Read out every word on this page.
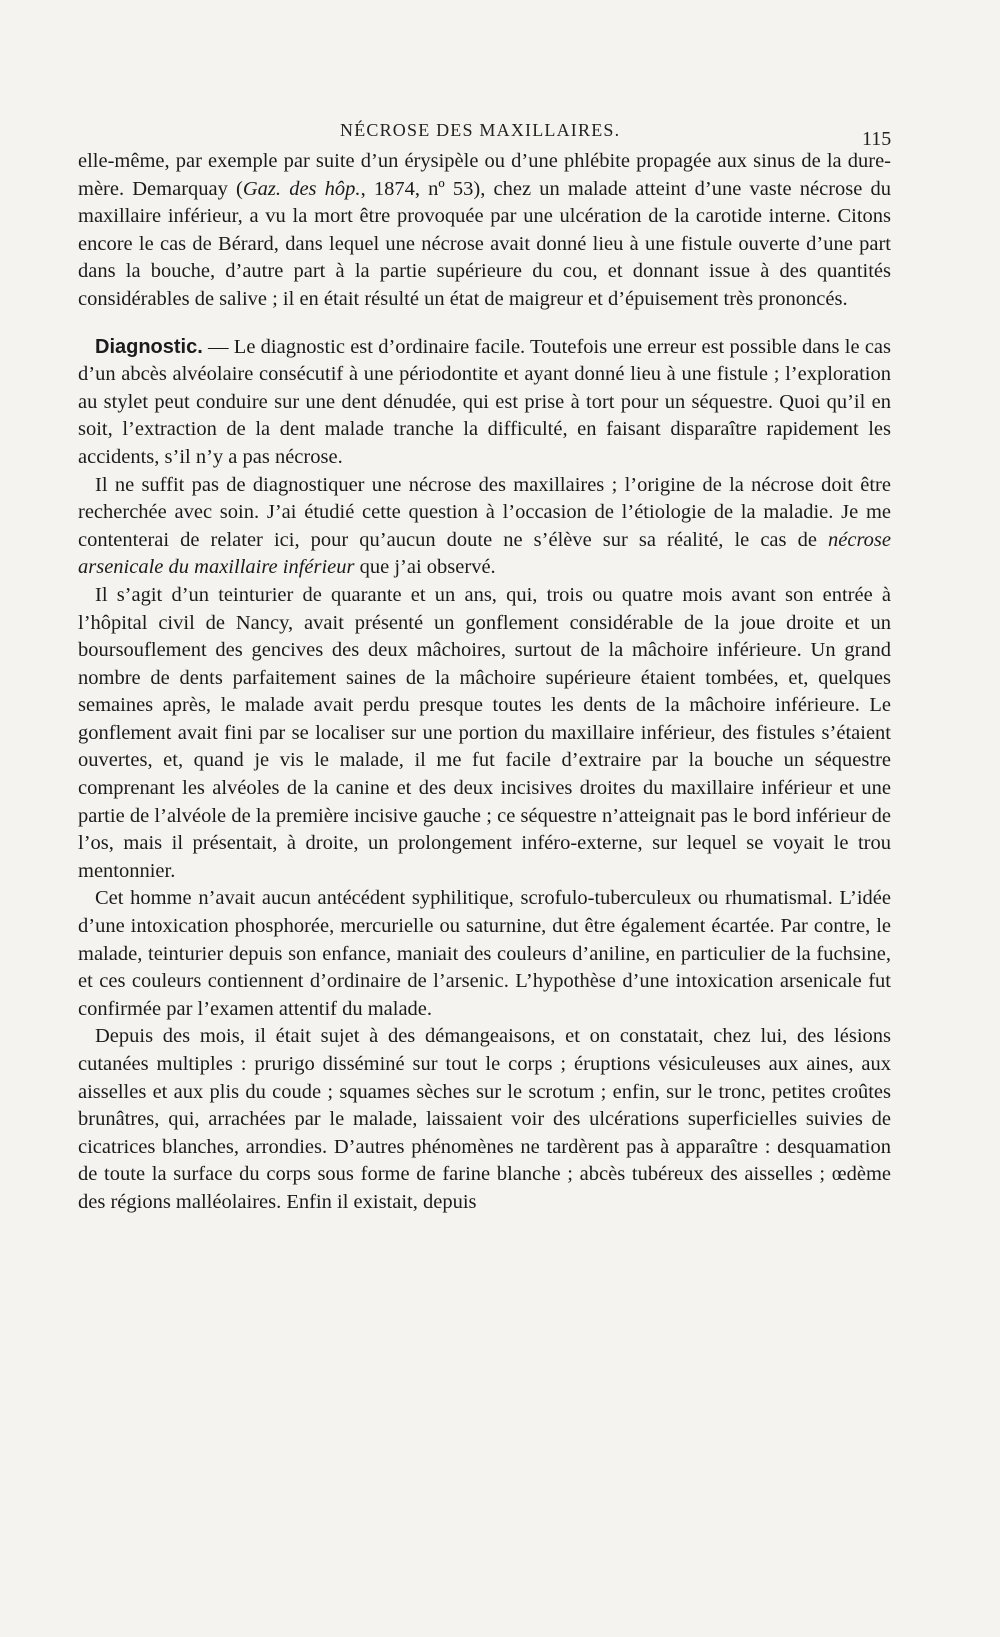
NÉCROSE DES MAXILLAIRES.	115

elle-même, par exemple par suite d’un érysipèle ou d’une phlébite propagée aux sinus de la dure-mère. Demarquay (Gaz. des hôp., 1874, nº 53), chez un malade atteint d’une vaste nécrose du maxillaire inférieur, a vu la mort être provoquée par une ulcération de la carotide interne. Citons encore le cas de Bérard, dans lequel une nécrose avait donné lieu à une fistule ouverte d’une part dans la bouche, d’autre part à la partie supérieure du cou, et donnant issue à des quantités considérables de salive ; il en était résulté un état de maigreur et d’épuisement très prononcés.

Diagnostic. — Le diagnostic est d’ordinaire facile. Toutefois une erreur est possible dans le cas d’un abcès alvéolaire consécutif à une périodontite et ayant donné lieu à une fistule ; l’exploration au stylet peut conduire sur une dent dénudée, qui est prise à tort pour un séquestre. Quoi qu’il en soit, l’extraction de la dent malade tranche la difficulté, en faisant disparaître rapidement les accidents, s’il n’y a pas nécrose.

Il ne suffit pas de diagnostiquer une nécrose des maxillaires ; l’origine de la nécrose doit être recherchée avec soin. J’ai étudié cette question à l’occasion de l’étiologie de la maladie. Je me contenterai de relater ici, pour qu’aucun doute ne s’élève sur sa réalité, le cas de nécrose arsenicale du maxillaire inférieur que j’ai observé.

Il s’agit d’un teinturier de quarante et un ans, qui, trois ou quatre mois avant son entrée à l’hôpital civil de Nancy, avait présenté un gonflement considérable de la joue droite et un boursouflement des gencives des deux mâchoires, surtout de la mâchoire inférieure. Un grand nombre de dents parfaitement saines de la mâchoire supérieure étaient tombées, et, quelques semaines après, le malade avait perdu presque toutes les dents de la mâchoire inférieure. Le gonflement avait fini par se localiser sur une portion du maxillaire inférieur, des fistules s’étaient ouvertes, et, quand je vis le malade, il me fut facile d’extraire par la bouche un séquestre comprenant les alvéoles de la canine et des deux incisives droites du maxillaire inférieur et une partie de l’alvéole de la première incisive gauche ; ce séquestre n’atteignait pas le bord inférieur de l’os, mais il présentait, à droite, un prolongement inféro-externe, sur lequel se voyait le trou mentonnier.

Cet homme n’avait aucun antécédent syphilitique, scrofulo-tuberculeux ou rhumatismal. L’idée d’une intoxication phosphorée, mercurielle ou saturnine, dut être également écartée. Par contre, le malade, teinturier depuis son enfance, maniait des couleurs d’aniline, en particulier de la fuchsine, et ces couleurs contiennent d’ordinaire de l’arsenic. L’hypothèse d’une intoxication arsenicale fut confirmée par l’examen attentif du malade.

Depuis des mois, il était sujet à des démangeaisons, et on constatait, chez lui, des lésions cutanées multiples : prurigo disséminé sur tout le corps ; éruptions vésiculeuses aux aines, aux aisselles et aux plis du coude ; squames sèches sur le scrotum ; enfin, sur le tronc, petites croûtes brunâtres, qui, arrachées par le malade, laissaient voir des ulcérations superficielles suivies de cicatrices blanches, arrondies. D’autres phénomènes ne tardèrent pas à apparaître : desquamation de toute la surface du corps sous forme de farine blanche ; abcès tubéreux des aisselles ; œdème des régions malléolaires. Enfin il existait, depuis
